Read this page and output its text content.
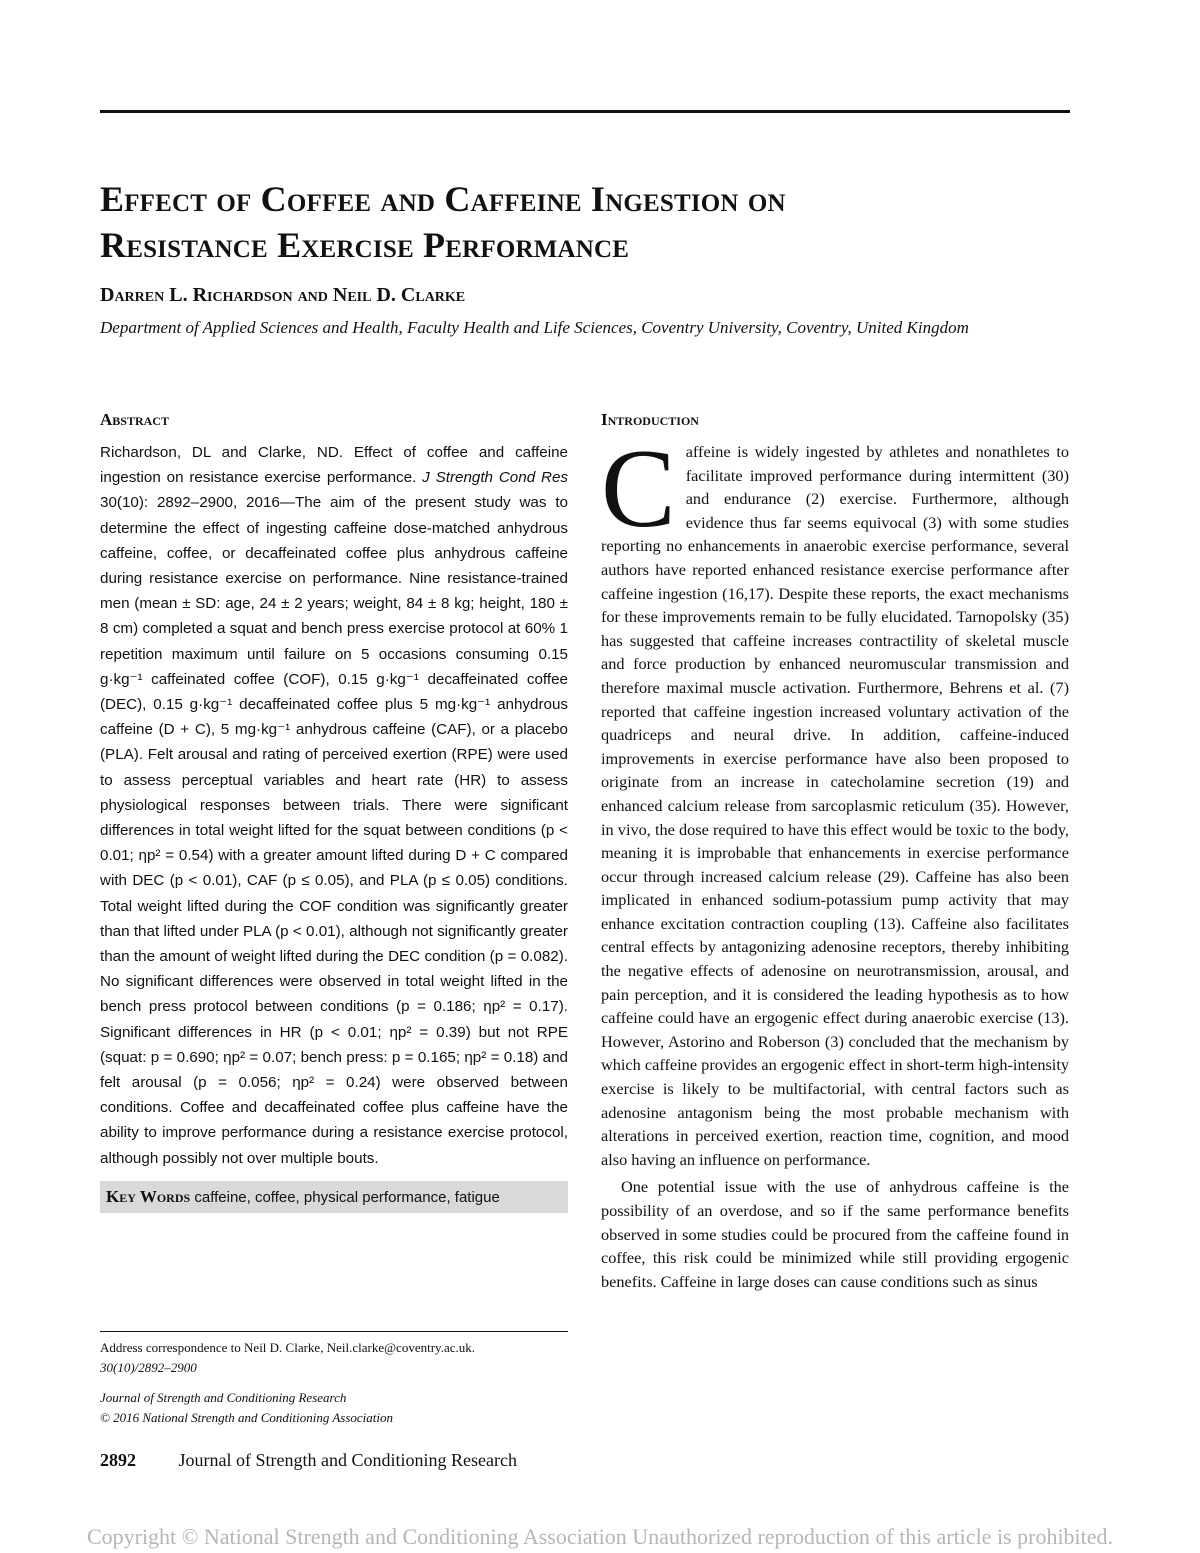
Effect of Coffee and Caffeine Ingestion on
Resistance Exercise Performance
Darren L. Richardson and Neil D. Clarke
Department of Applied Sciences and Health, Faculty Health and Life Sciences, Coventry University, Coventry, United Kingdom
Abstract

Richardson, DL and Clarke, ND. Effect of coffee and caffeine ingestion on resistance exercise performance. J Strength Cond Res 30(10): 2892–2900, 2016—The aim of the present study was to determine the effect of ingesting caffeine dose-matched anhydrous caffeine, coffee, or decaffeinated coffee plus anhydrous caffeine during resistance exercise on performance. Nine resistance-trained men (mean ± SD: age, 24 ± 2 years; weight, 84 ± 8 kg; height, 180 ± 8 cm) completed a squat and bench press exercise protocol at 60% 1 repetition maximum until failure on 5 occasions consuming 0.15 g·kg⁻¹ caffeinated coffee (COF), 0.15 g·kg⁻¹ decaffeinated coffee (DEC), 0.15 g·kg⁻¹ decaffeinated coffee plus 5 mg·kg⁻¹ anhydrous caffeine (D + C), 5 mg·kg⁻¹ anhydrous caffeine (CAF), or a placebo (PLA). Felt arousal and rating of perceived exertion (RPE) were used to assess perceptual variables and heart rate (HR) to assess physiological responses between trials. There were significant differences in total weight lifted for the squat between conditions (p < 0.01; ηp² = 0.54) with a greater amount lifted during D + C compared with DEC (p < 0.01), CAF (p ≤ 0.05), and PLA (p ≤ 0.05) conditions. Total weight lifted during the COF condition was significantly greater than that lifted under PLA (p < 0.01), although not significantly greater than the amount of weight lifted during the DEC condition (p = 0.082). No significant differences were observed in total weight lifted in the bench press protocol between conditions (p = 0.186; ηp² = 0.17). Significant differences in HR (p < 0.01; ηp² = 0.39) but not RPE (squat: p = 0.690; ηp² = 0.07; bench press: p = 0.165; ηp² = 0.18) and felt arousal (p = 0.056; ηp² = 0.24) were observed between conditions. Coffee and decaffeinated coffee plus caffeine have the ability to improve performance during a resistance exercise protocol, although possibly not over multiple bouts.

Key Words caffeine, coffee, physical performance, fatigue
Introduction

Caffeine is widely ingested by athletes and nonathletes to facilitate improved performance during intermittent (30) and endurance (2) exercise. Furthermore, although evidence thus far seems equivocal (3) with some studies reporting no enhancements in anaerobic exercise performance, several authors have reported enhanced resistance exercise performance after caffeine ingestion (16,17). Despite these reports, the exact mechanisms for these improvements remain to be fully elucidated. Tarnopolsky (35) has suggested that caffeine increases contractility of skeletal muscle and force production by enhanced neuromuscular transmission and therefore maximal muscle activation. Furthermore, Behrens et al. (7) reported that caffeine ingestion increased voluntary activation of the quadriceps and neural drive. In addition, caffeine-induced improvements in exercise performance have also been proposed to originate from an increase in catecholamine secretion (19) and enhanced calcium release from sarcoplasmic reticulum (35). However, in vivo, the dose required to have this effect would be toxic to the body, meaning it is improbable that enhancements in exercise performance occur through increased calcium release (29). Caffeine has also been implicated in enhanced sodium-potassium pump activity that may enhance excitation contraction coupling (13). Caffeine also facilitates central effects by antagonizing adenosine receptors, thereby inhibiting the negative effects of adenosine on neurotransmission, arousal, and pain perception, and it is considered the leading hypothesis as to how caffeine could have an ergogenic effect during anaerobic exercise (13). However, Astorino and Roberson (3) concluded that the mechanism by which caffeine provides an ergogenic effect in short-term high-intensity exercise is likely to be multifactorial, with central factors such as adenosine antagonism being the most probable mechanism with alterations in perceived exertion, reaction time, cognition, and mood also having an influence on performance.

One potential issue with the use of anhydrous caffeine is the possibility of an overdose, and so if the same performance benefits observed in some studies could be procured from the caffeine found in coffee, this risk could be minimized while still providing ergogenic benefits. Caffeine in large doses can cause conditions such as sinus

Address correspondence to Neil D. Clarke, Neil.clarke@coventry.ac.uk.
30(10)/2892–2900
Journal of Strength and Conditioning Research
© 2016 National Strength and Conditioning Association
2892 Journal of Strength and Conditioning Research
Copyright © National Strength and Conditioning Association Unauthorized reproduction of this article is prohibited.
